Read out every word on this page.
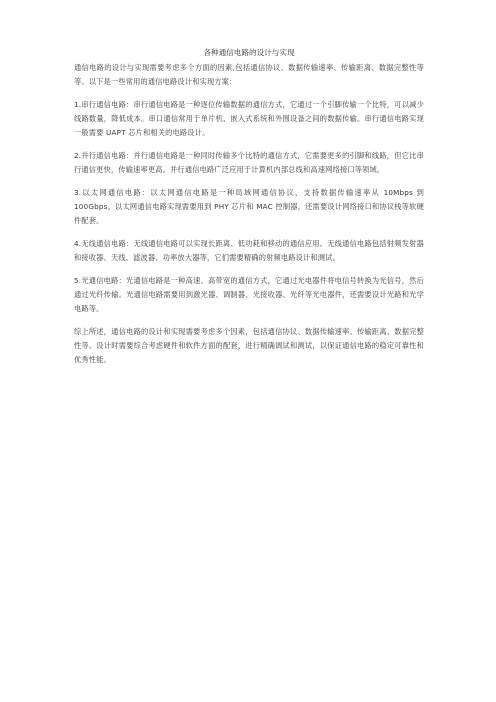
各种通信电路的设计与实现

通信电路的设计与实现需要考虑多个方面的因素,包括通信协议、数据传输速率、传输距离、数据完整性等等。以下是一些常用的通信电路设计和实现方案：

1.串行通信电路：串行通信电路是一种逐位传输数据的通信方式，它通过一个引脚传输一个比特，可以减少线路数量，降低成本。串口通信常用于单片机、嵌入式系统和外围设备之间的数据传输。串行通信电路实现一般需要 UAPT 芯片和相关的电路设计。

2.并行通信电路：并行通信电路是一种同时传输多个比特的通信方式，它需要更多的引脚和线路，但它比串行通信更快，传输速率更高。并行通信电路广泛应用于计算机内部总线和高速网络接口等领域。

3.以太网通信电路：以太网通信电路是一种局域网通信协议，支持数据传输速率从 10Mbps 到 100Gbps。以太网通信电路实现需要用到 PHY 芯片和 MAC 控制器，还需要设计网络接口和协议栈等软硬件配套。

4.无线通信电路：无线通信电路可以实现长距离、低功耗和移动的通信应用。无线通信电路包括射频发射器和接收器、天线、滤波器、功率放大器等，它们需要精确的射频电路设计和测试。

5.光通信电路：光通信电路是一种高速、高带宽的通信方式，它通过光电器件将电信号转换为光信号，然后通过光纤传输。光通信电路需要用到激光器、调制器、光接收器、光纤等光电器件，还需要设计光路和光学电路等。

综上所述，通信电路的设计和实现需要考虑多个因素，包括通信协议、数据传输速率、传输距离、数据完整性等。设计时需要综合考虑硬件和软件方面的配套，进行精确调试和测试，以保证通信电路的稳定可靠性和优秀性能。
